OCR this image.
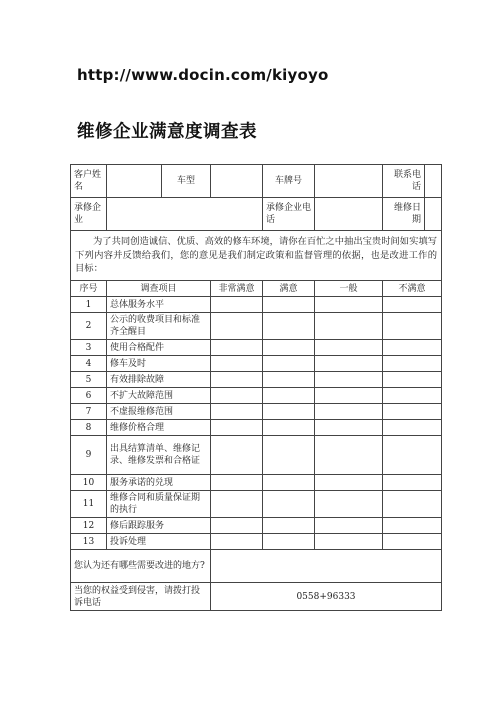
http://www.docin.com/kiyoyo
维修企业满意度调查表
客户姓名		车型		车牌号		联系电话	
承修企业				承修企业电话		维修日期	
为了共同创造诚信、优质、高效的修车环境，请你在百忙之中抽出宝贵时间如实填写下列内容并反馈给我们，您的意见是我们制定政策和监督管理的依据，也是改进工作的目标：							
序号	调查项目		非常满意	满意	一般	不满意	
1	总体服务水平						
2	公示的收费项目和标准齐全醒目						
3	使用合格配件						
4	修车及时						
5	有效排除故障						
6	不扩大故障范围						
7	不虚报维修范围						
8	维修价格合理						
9	出具结算清单、维修记录、维修发票和合格证						
10	服务承诺的兑现						
11	维修合同和质量保证期的执行						
12	修后跟踪服务						
13	投诉处理						
您认为还有哪些需要改进的地方?							
当您的权益受到侵害，请拨打投诉电话			0558+96333				
